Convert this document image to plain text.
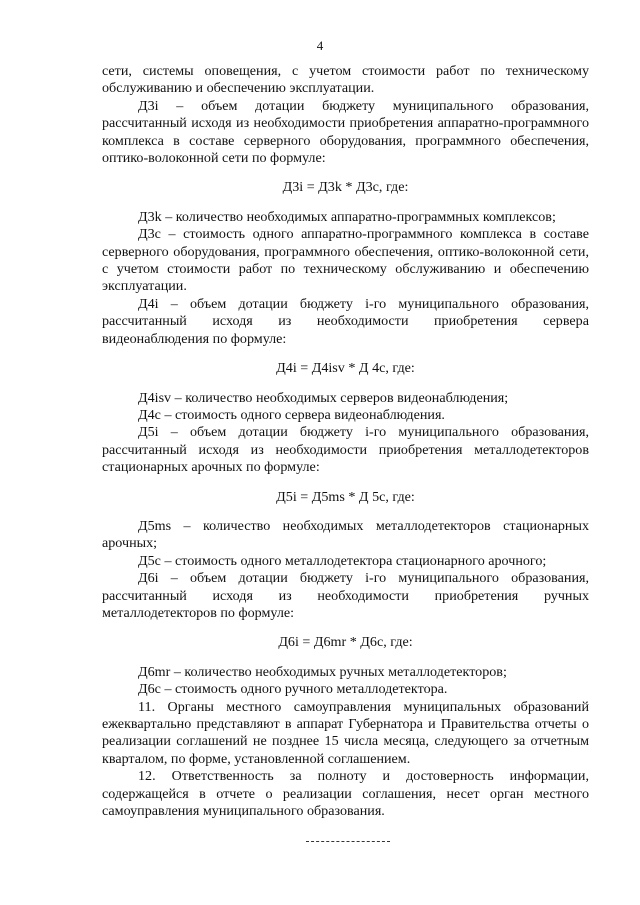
4

сети, системы оповещения, с учетом стоимости работ по техническому обслуживанию и обеспечению эксплуатации.

Д3i – объем дотации бюджету муниципального образования, рассчитанный исходя из необходимости приобретения аппаратно-программного комплекса в составе серверного оборудования, программного обеспечения, оптико-волоконной сети по формуле:

Д3i = Д3k * Д3c, где:

Д3k – количество необходимых аппаратно-программных комплексов;

Д3c – стоимость одного аппаратно-программного комплекса в составе серверного оборудования, программного обеспечения, оптико-волоконной сети, с учетом стоимости работ по техническому обслуживанию и обеспечению эксплуатации.

Д4i – объем дотации бюджету i-го муниципального образования, рассчитанный исходя из необходимости приобретения сервера видеонаблюдения по формуле:

Д4i = Д4isv * Д 4c, где:

Д4isv – количество необходимых серверов видеонаблюдения;

Д4c – стоимость одного сервера видеонаблюдения.

Д5i – объем дотации бюджету i-го муниципального образования, рассчитанный исходя из необходимости приобретения металлодетекторов стационарных арочных по формуле:

Д5i = Д5ms * Д 5c, где:

Д5ms – количество необходимых металлодетекторов стационарных арочных;

Д5c – стоимость одного металлодетектора стационарного арочного;

Д6i – объем дотации бюджету i-го муниципального образования, рассчитанный исходя из необходимости приобретения ручных металлодетекторов по формуле:

Д6i = Д6mr * Д6c, где:

Д6mr – количество необходимых ручных металлодетекторов;

Д6c – стоимость одного ручного металлодетектора.

11. Органы местного самоуправления муниципальных образований ежеквартально представляют в аппарат Губернатора и Правительства отчеты о реализации соглашений не позднее 15 числа месяца, следующего за отчетным кварталом, по форме, установленной соглашением.

12. Ответственность за полноту и достоверность информации, содержащейся в отчете о реализации соглашения, несет орган местного самоуправления муниципального образования.
